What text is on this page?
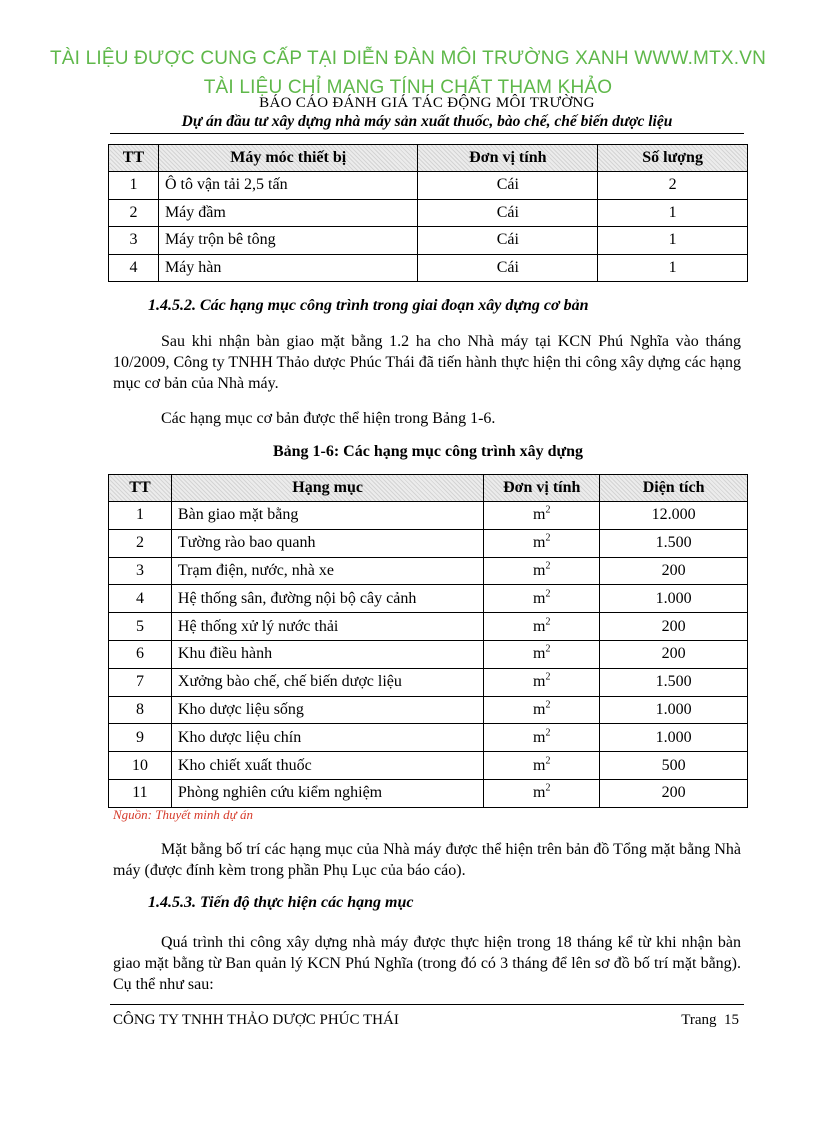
TÀI LIỆU ĐƯỢC CUNG CẤP TẠI DIỄN ĐÀN MÔI TRƯỜNG XANH WWW.MTX.VN
TÀI LIỆU CHỈ MANG TÍNH CHẤT THAM KHẢO
BÁO CÁO ĐÁNH GIÁ TÁC ĐỘNG MÔI TRƯỜNG
Dự án đầu tư xây dựng nhà máy sản xuất thuốc, bào chế, chế biến dược liệu
TT	Máy móc thiết bị	Đơn vị tính	Số lượng
1	Ô tô vận tải 2,5 tấn	Cái	2
2	Máy đầm	Cái	1
3	Máy trộn bê tông	Cái	1
4	Máy hàn	Cái	1
1.4.5.2. Các hạng mục công trình trong giai đoạn xây dựng cơ bản

Sau khi nhận bàn giao mặt bằng 1.2 ha cho Nhà máy tại KCN Phú Nghĩa vào tháng 10/2009, Công ty TNHH Thảo dược Phúc Thái đã tiến hành thực hiện thi công xây dựng các hạng mục cơ bản của Nhà máy.

Các hạng mục cơ bản được thể hiện trong Bảng 1-6.

Bảng 1-6: Các hạng mục công trình xây dựng
TT	Hạng mục	Đơn vị tính	Diện tích
1	Bàn giao mặt bằng	$m^2$	12.000
2	Tường rào bao quanh	$m^2$	1.500
3	Trạm điện, nước, nhà xe	$m^2$	200
4	Hệ thống sân, đường nội bộ cây cảnh	$m^2$	1.000
5	Hệ thống xử lý nước thải	$m^2$	200
6	Khu điều hành	$m^2$	200
7	Xưởng bào chế, chế biến dược liệu	$m^2$	1.500
8	Kho dược liệu sống	$m^2$	1.000
9	Kho dược liệu chín	$m^2$	1.000
10	Kho chiết xuất thuốc	$m^2$	500
11	Phòng nghiên cứu kiểm nghiệm	$m^2$	200
Nguồn: Thuyết minh dự án

Mặt bằng bố trí các hạng mục của Nhà máy được thể hiện trên bản đồ Tổng mặt bằng Nhà máy (được đính kèm trong phần Phụ Lục của báo cáo).

1.4.5.3. Tiến độ thực hiện các hạng mục

Quá trình thi công xây dựng nhà máy được thực hiện trong 18 tháng kể từ khi nhận bàn giao mặt bằng từ Ban quản lý KCN Phú Nghĩa (trong đó có 3 tháng để lên sơ đồ bố trí mặt bằng). Cụ thể như sau:

CÔNG TY TNHH THẢO DƯỢC PHÚC THÁI	Trang 15
